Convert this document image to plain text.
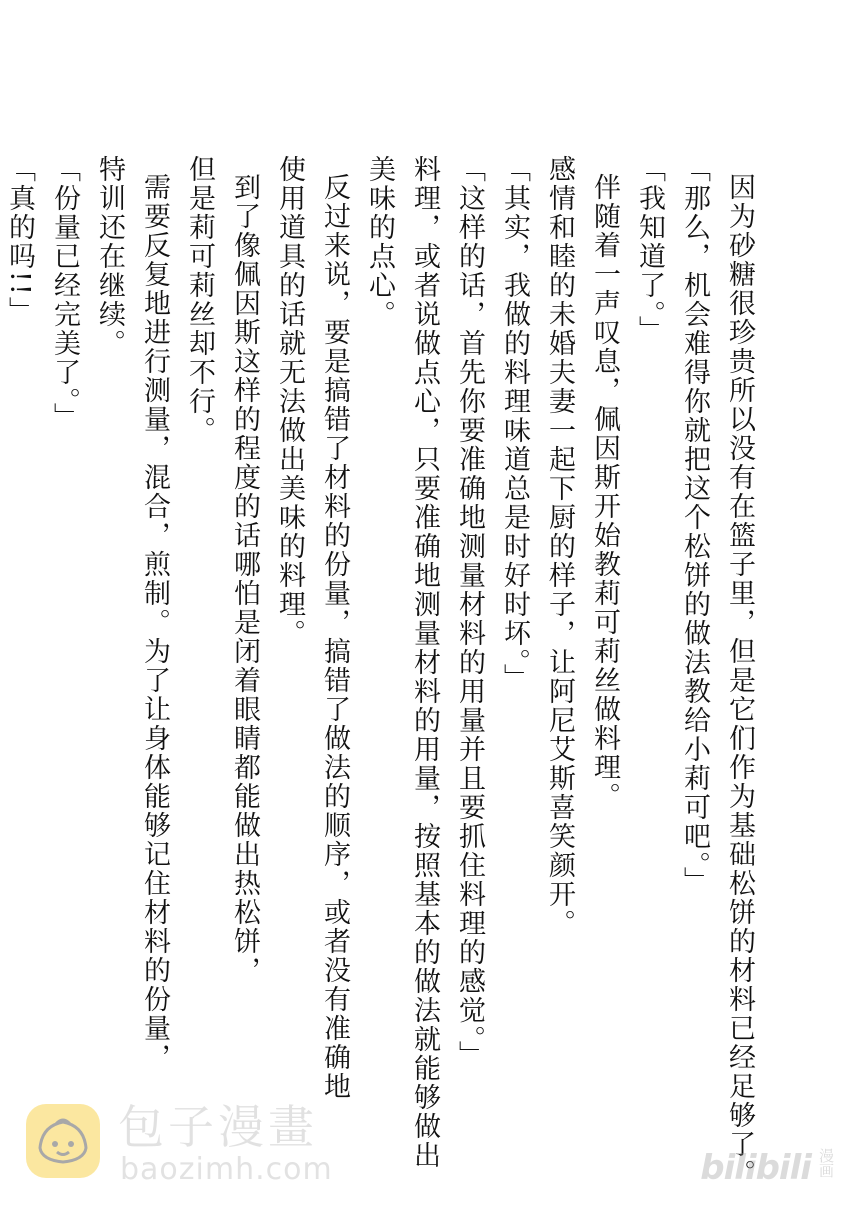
因为砂糖很珍贵所以没有在篮子里，但是它们作为基础松饼的材料已经足够了。

「那么，机会难得你就把这个松饼的做法教给小莉可吧。」

「我知道了。」

伴随着一声叹息，佩因斯开始教莉可莉丝做料理。

感情和睦的未婚夫妻一起下厨的样子，让阿尼艾斯喜笑颜开。

「其实，我做的料理味道总是时好时坏。」

「这样的话，首先你要准确地测量材料的用量并且要抓住料理的感觉。」

料理，或者说做点心，只要准确地测量材料的用量，按照基本的做法就能够做出

美味的点心。

反过来说，要是搞错了材料的份量，搞错了做法的顺序，或者没有准确地

使用道具的话就无法做出美味的料理。

到了像佩因斯这样的程度的话哪怕是闭着眼睛都能做出热松饼，

但是莉可莉丝却不行。

需要反复地进行测量，混合，煎制。为了让身体能够记住材料的份量，

特训还在继续。

「份量已经完美了。」

「真的吗!!」

包子漫畫
baozimh.com	bilibili 漫画
